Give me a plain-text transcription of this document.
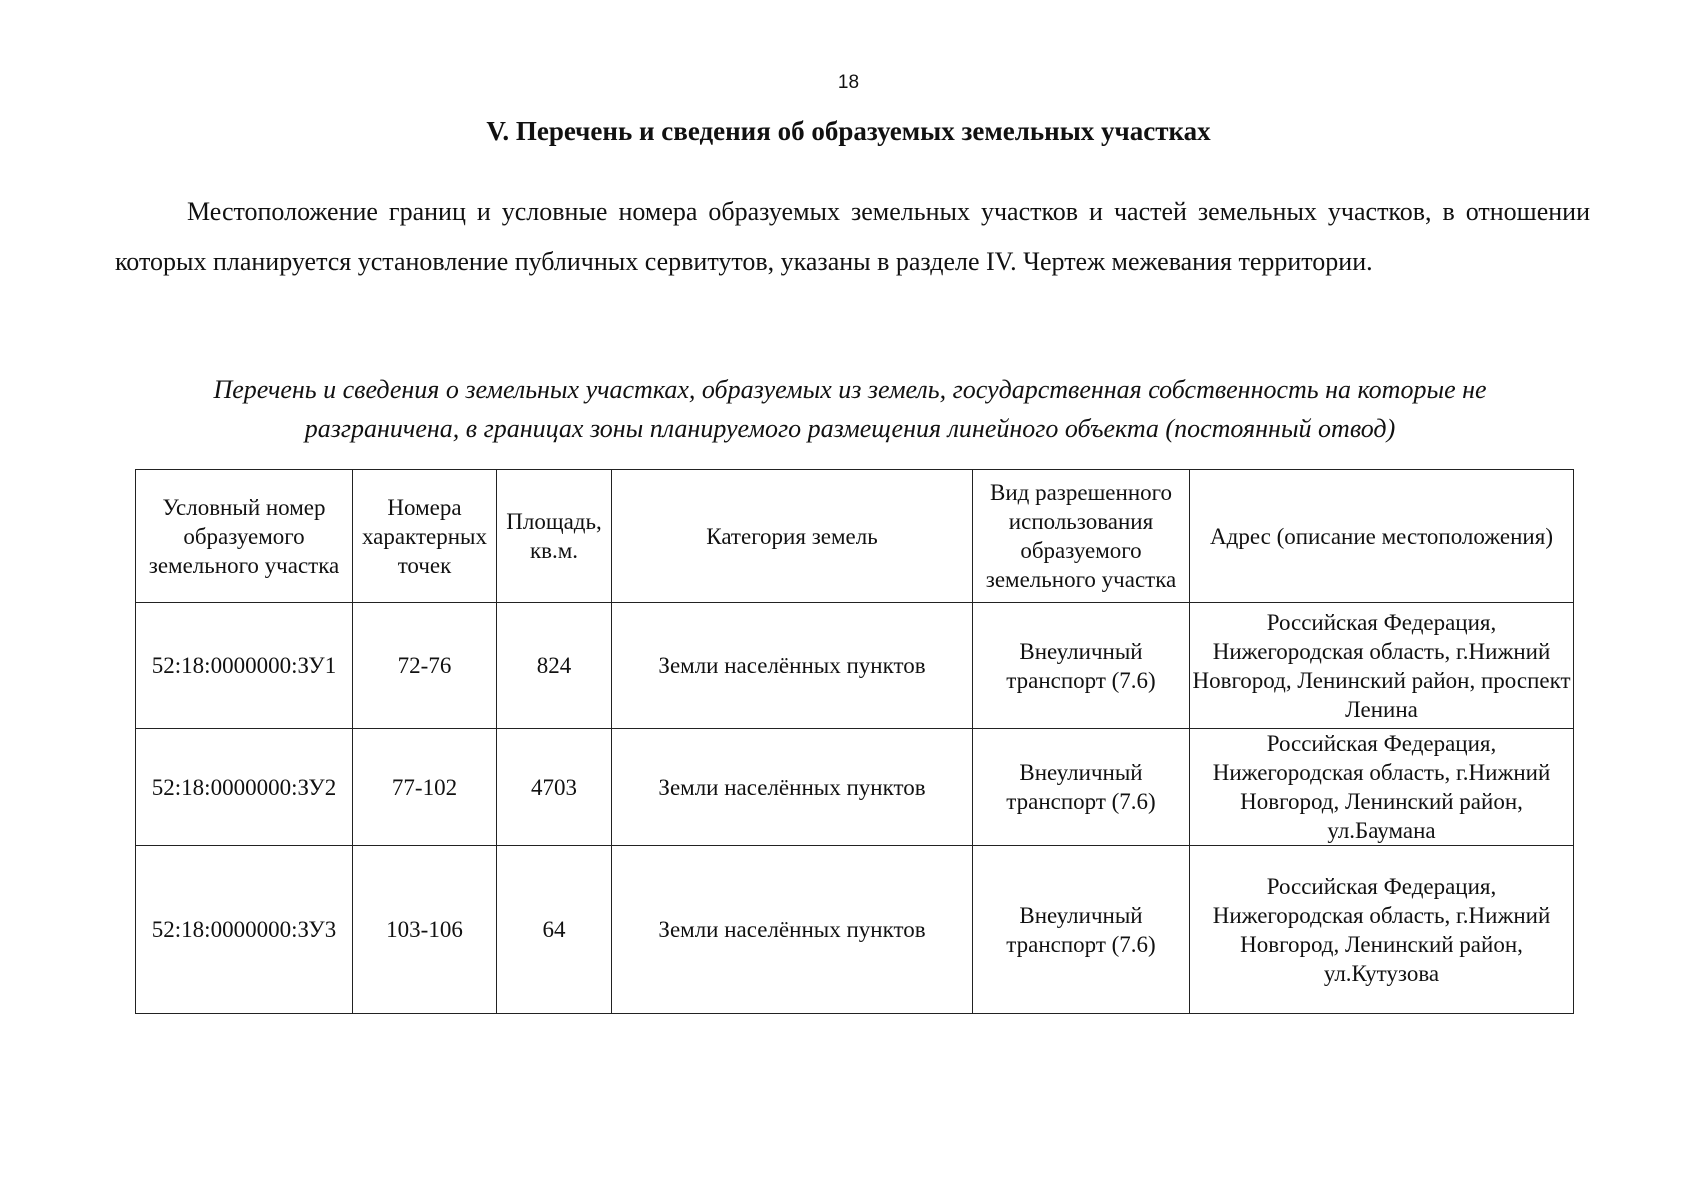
18
V. Перечень и сведения об образуемых земельных участках

Местоположение границ и условные номера образуемых земельных участков и частей земельных участков, в отношении которых планируется установление публичных сервитутов, указаны в разделе IV. Чертеж межевания территории.

Перечень и сведения о земельных участках, образуемых из земель, государственная собственность на которые не разграничена, в границах зоны планируемого размещения линейного объекта (постоянный отвод)

Условный номер образуемого земельного участка	Номера характерных точек	Площадь, кв.м.	Категория земель	Вид разрешенного использования образуемого земельного участка	Адрес (описание местоположения)
52:18:0000000:ЗУ1	72-76	824	Земли населённых пунктов	Внеуличный транспорт (7.6)	Российская Федерация, Нижегородская область, г.Нижний Новгород, Ленинский район, проспект Ленина
52:18:0000000:ЗУ2	77-102	4703	Земли населённых пунктов	Внеуличный транспорт (7.6)	Российская Федерация, Нижегородская область, г.Нижний Новгород, Ленинский район, ул.Баумана
52:18:0000000:ЗУ3	103-106	64	Земли населённых пунктов	Внеуличный транспорт (7.6)	Российская Федерация, Нижегородская область, г.Нижний Новгород, Ленинский район, ул.Кутузова
